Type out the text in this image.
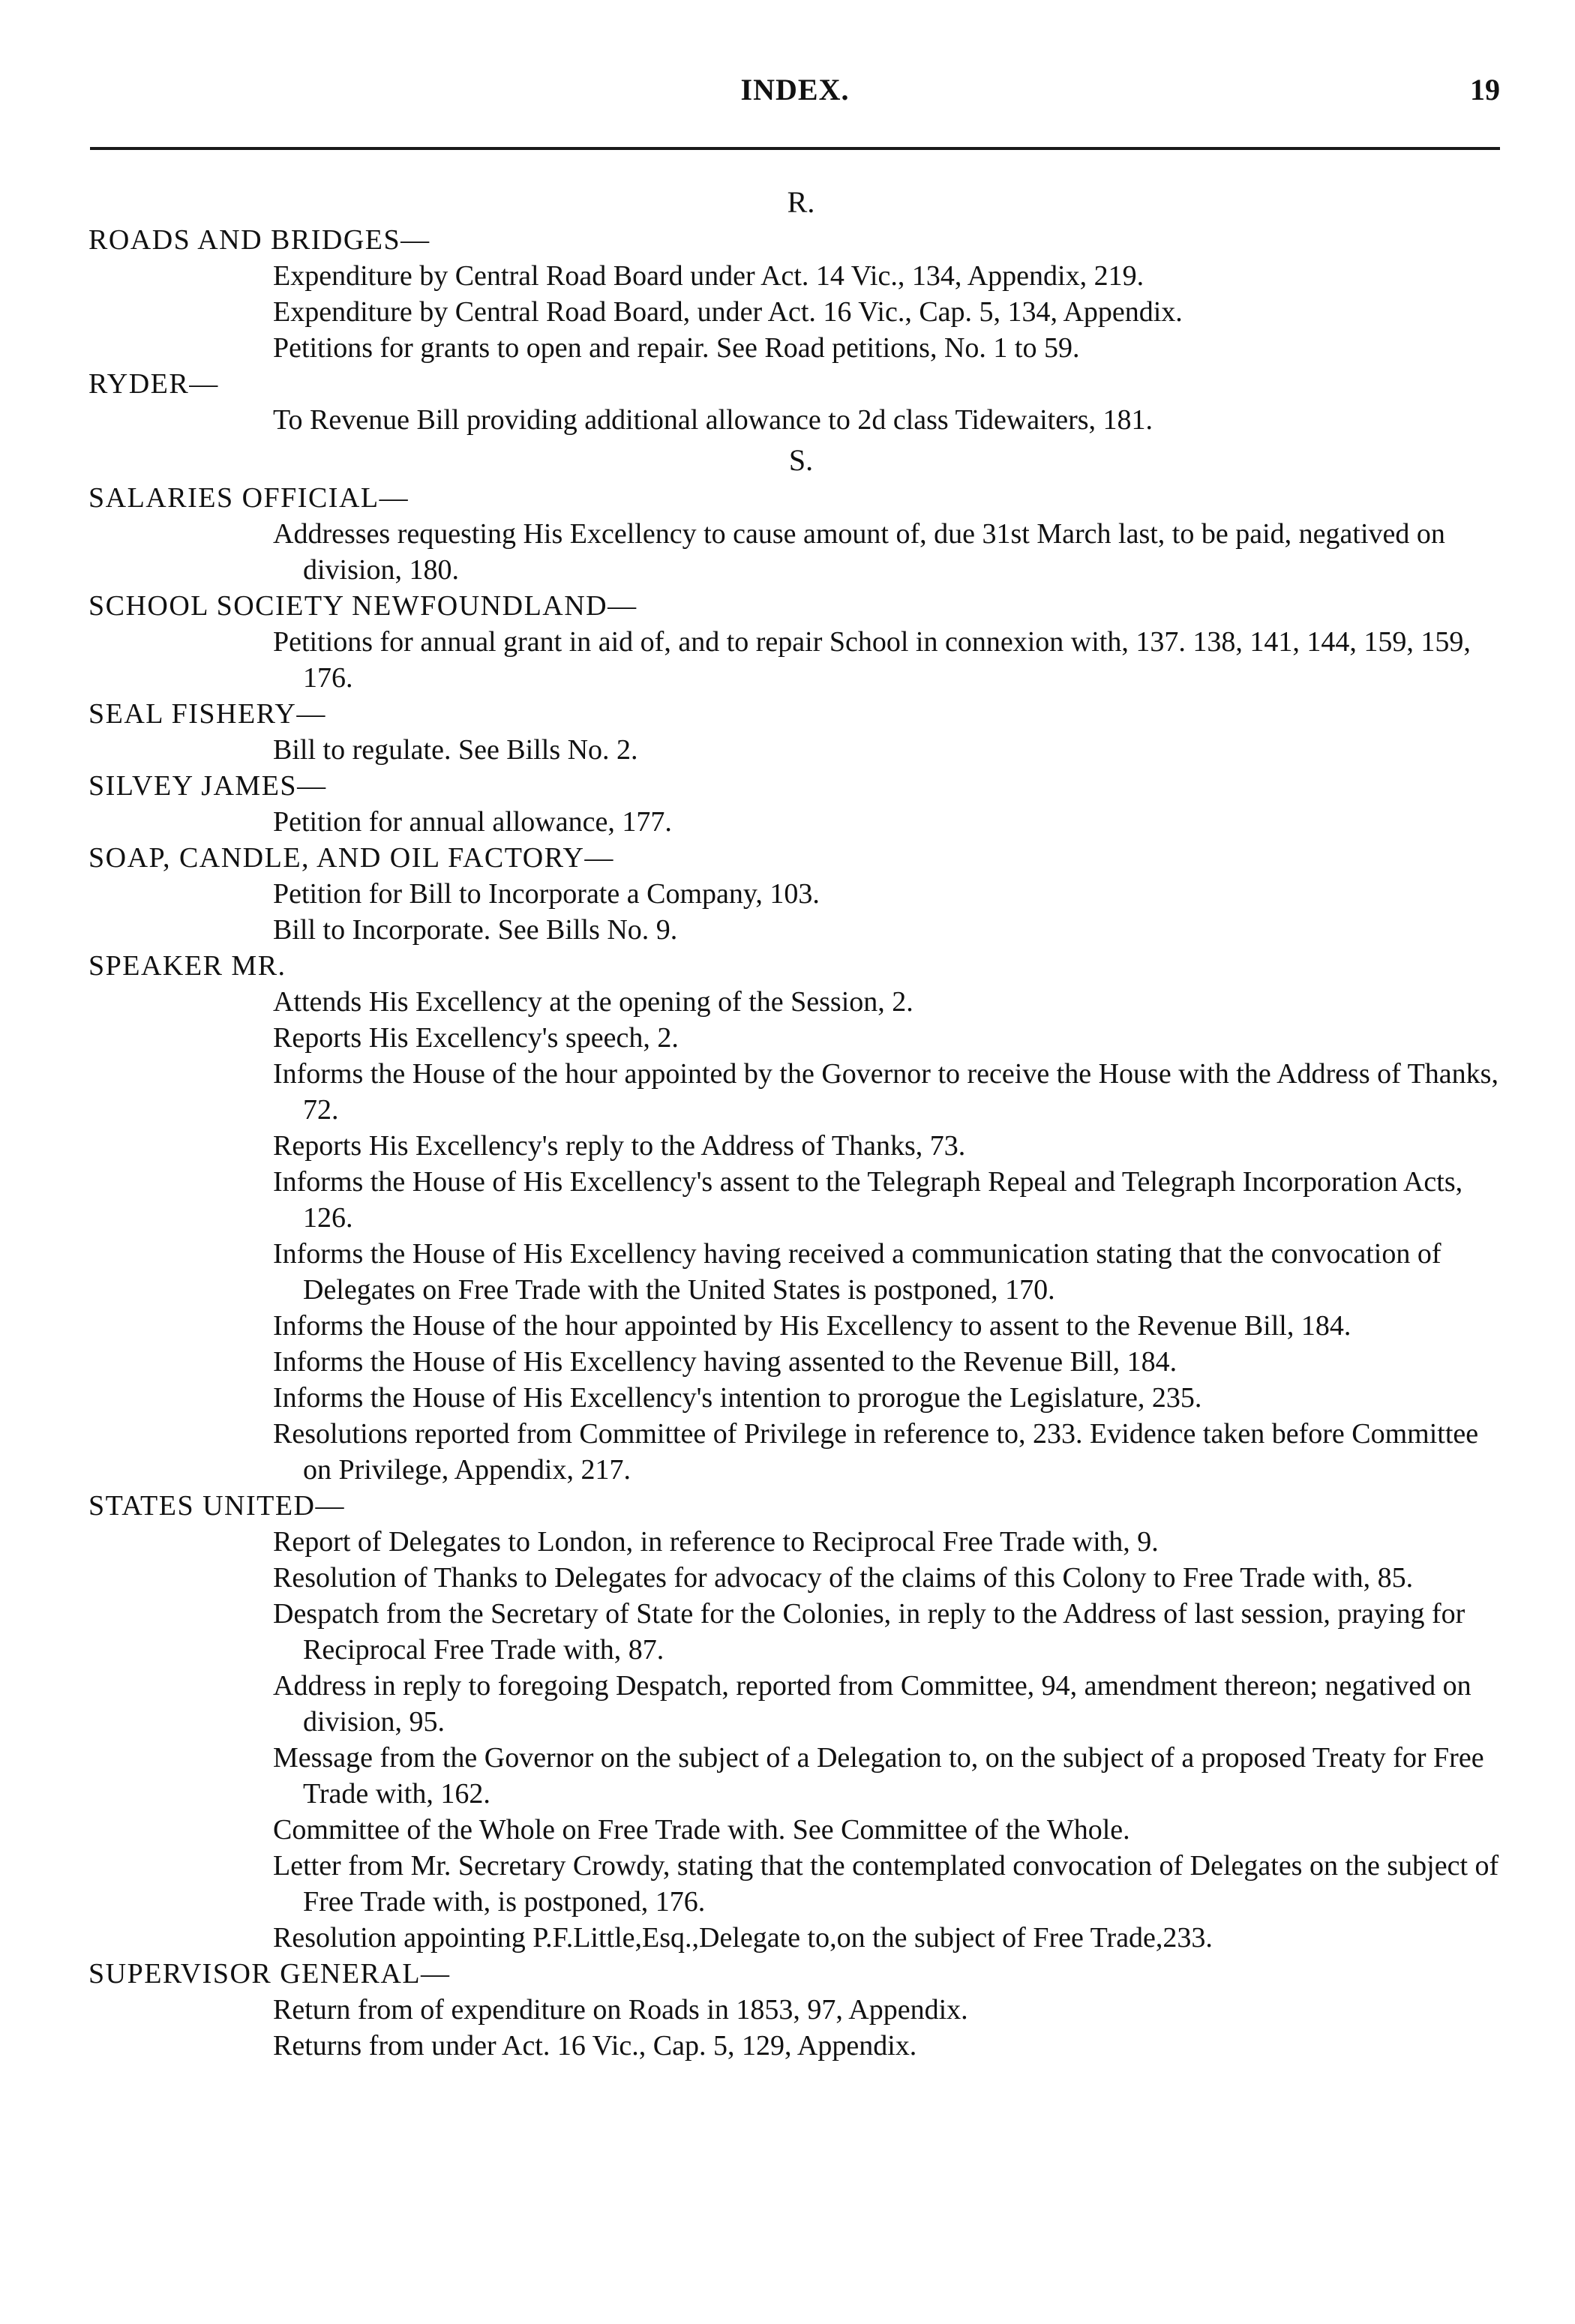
INDEX.	19
R.
ROADS AND BRIDGES—
Expenditure by Central Road Board under Act. 14 Vic., 134, Appendix, 219.
Expenditure by Central Road Board, under Act. 16 Vic., Cap. 5, 134, Appendix.
Petitions for grants to open and repair. See Road petitions, No. 1 to 59.
RYDER—
To Revenue Bill providing additional allowance to 2d class Tidewaiters, 181.
S.
SALARIES OFFICIAL—
Addresses requesting His Excellency to cause amount of, due 31st March last, to be paid, negatived on division, 180.
SCHOOL SOCIETY NEWFOUNDLAND—
Petitions for annual grant in aid of, and to repair School in connexion with, 137. 138, 141, 144, 159, 159, 176.
SEAL FISHERY—
Bill to regulate. See Bills No. 2.
SILVEY JAMES—
Petition for annual allowance, 177.
SOAP, CANDLE, AND OIL FACTORY—
Petition for Bill to Incorporate a Company, 103.
Bill to Incorporate. See Bills No. 9.
SPEAKER MR.
Attends His Excellency at the opening of the Session, 2.
Reports His Excellency's speech, 2.
Informs the House of the hour appointed by the Governor to receive the House with the Address of Thanks, 72.
Reports His Excellency's reply to the Address of Thanks, 73.
Informs the House of His Excellency's assent to the Telegraph Repeal and Telegraph Incorporation Acts, 126.
Informs the House of His Excellency having received a communication stating that the convocation of Delegates on Free Trade with the United States is postponed, 170.
Informs the House of the hour appointed by His Excellency to assent to the Revenue Bill, 184.
Informs the House of His Excellency having assented to the Revenue Bill, 184.
Informs the House of His Excellency's intention to prorogue the Legislature, 235.
Resolutions reported from Committee of Privilege in reference to, 233. Evidence taken before Committee on Privilege, Appendix, 217.
STATES UNITED—
Report of Delegates to London, in reference to Reciprocal Free Trade with, 9.
Resolution of Thanks to Delegates for advocacy of the claims of this Colony to Free Trade with, 85.
Despatch from the Secretary of State for the Colonies, in reply to the Address of last session, praying for Reciprocal Free Trade with, 87.
Address in reply to foregoing Despatch, reported from Committee, 94, amendment thereon; negatived on division, 95.
Message from the Governor on the subject of a Delegation to, on the subject of a proposed Treaty for Free Trade with, 162.
Committee of the Whole on Free Trade with. See Committee of the Whole.
Letter from Mr. Secretary Crowdy, stating that the contemplated convocation of Delegates on the subject of Free Trade with, is postponed, 176.
Resolution appointing P.F.Little,Esq.,Delegate to,on the subject of Free Trade,233.
SUPERVISOR GENERAL—
Return from of expenditure on Roads in 1853, 97, Appendix.
Returns from under Act. 16 Vic., Cap. 5, 129, Appendix.
